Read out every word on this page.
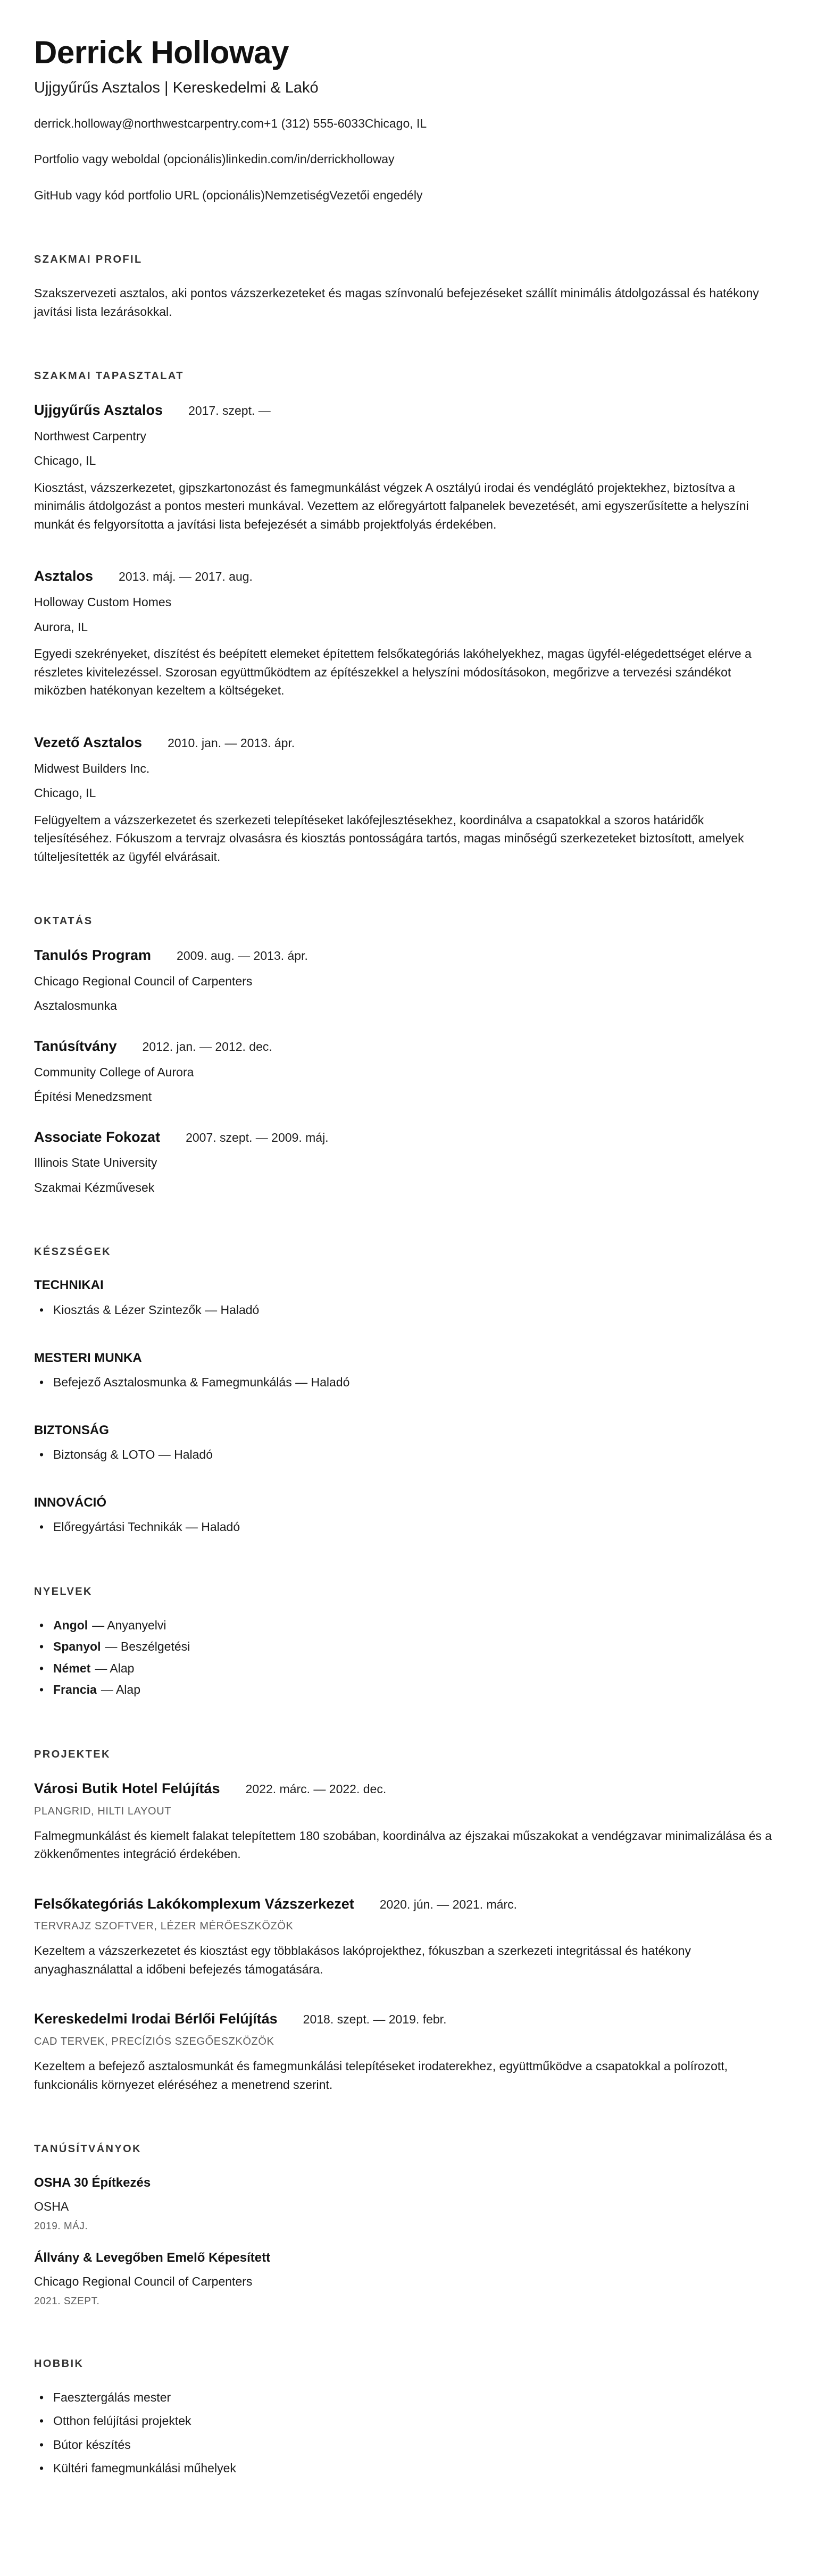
Derrick Holloway
Ujjgyűrűs Asztalos | Kereskedelmi & Lakó
derrick.holloway@northwestcarpentry.com+1 (312) 555-6033Chicago, IL
Portfolio vagy weboldal (opcionális)linkedin.com/in/derrickholloway
GitHub vagy kód portfolio URL (opcionális)NemzetiségVezetői engedély
SZAKMAI PROFIL

Szakszervezeti asztalos, aki pontos vázszerkezeteket és magas színvonalú befejezéseket szállít minimális átdolgozással és hatékony javítási lista lezárásokkal.

SZAKMAI TAPASZTALAT
Ujjgyűrűs Asztalos 2017. szept. —
Northwest Carpentry
Chicago, IL

Kiosztást, vázszerkezetet, gipszkartonozást és famegmunkálást végzek A osztályú irodai és vendéglátó projektekhez, biztosítva a minimális átdolgozást a pontos mesteri munkával. Vezettem az előregyártott falpanelek bevezetését, ami egyszerűsítette a helyszíni munkát és felgyorsította a javítási lista befejezését a simább projektfolyás érdekében.

Asztalos 2013. máj. — 2017. aug.
Holloway Custom Homes
Aurora, IL

Egyedi szekrényeket, díszítést és beépített elemeket építettem felsőkategóriás lakóhelyekhez, magas ügyfél-elégedettséget elérve a részletes kivitelezéssel. Szorosan együttműködtem az építészekkel a helyszíni módosításokon, megőrizve a tervezési szándékot miközben hatékonyan kezeltem a költségeket.

Vezető Asztalos 2010. jan. — 2013. ápr.
Midwest Builders Inc.
Chicago, IL

Felügyeltem a vázszerkezetet és szerkezeti telepítéseket lakófejlesztésekhez, koordinálva a csapatokkal a szoros határidők teljesítéséhez. Fókuszom a tervrajz olvasásra és kiosztás pontosságára tartós, magas minőségű szerkezeteket biztosított, amelyek túlteljesítették az ügyfél elvárásait.

OKTATÁS
Tanulós Program 2009. aug. — 2013. ápr.
Chicago Regional Council of Carpenters
Asztalosmunka
Tanúsítvány 2012. jan. — 2012. dec.
Community College of Aurora
Építési Menedzsment
Associate Fokozat 2007. szept. — 2009. máj.
Illinois State University
Szakmai Kézművesek
KÉSZSÉGEK
TECHNIKAI
• Kiosztás & Lézer Szintezők — Haladó
MESTERI MUNKA
• Befejező Asztalosmunka & Famegmunkálás — Haladó
BIZTONSÁG
• Biztonság & LOTO — Haladó
INNOVÁCIÓ
• Előregyártási Technikák — Haladó
NYELVEK
• Angol — Anyanyelvi
• Spanyol — Beszélgetési
• Német — Alap
• Francia — Alap
PROJEKTEK
Városi Butik Hotel Felújítás 2022. márc. — 2022. dec.
PLANGRID, HILTI LAYOUT

Falmegmunkálást és kiemelt falakat telepítettem 180 szobában, koordinálva az éjszakai műszakokat a vendégzavar minimalizálása és a zökkenőmentes integráció érdekében.

Felsőkategóriás Lakókomplexum Vázszerkezet 2020. jún. — 2021. márc.
TERVRAJZ SZOFTVER, LÉZER MÉRŐESZKÖZÖK

Kezeltem a vázszerkezetet és kiosztást egy többlakásos lakóprojekthez, fókuszban a szerkezeti integritással és hatékony anyaghasználattal a időbeni befejezés támogatására.

Kereskedelmi Irodai Bérlői Felújítás 2018. szept. — 2019. febr.
CAD TERVEK, PRECÍZIÓS SZEGŐESZKÖZÖK

Kezeltem a befejező asztalosmunkát és famegmunkálási telepítéseket irodaterekhez, együttműködve a csapatokkal a polírozott, funkcionális környezet eléréséhez a menetrend szerint.

TANÚSÍTVÁNYOK
OSHA 30 Építkezés
OSHA
2019. MÁJ.
Állvány & Levegőben Emelő Képesített
Chicago Regional Council of Carpenters
2021. SZEPT.
HOBBIK
• Faesztergálás mester
• Otthon felújítási projektek
• Bútor készítés
• Kültéri famegmunkálási műhelyek
